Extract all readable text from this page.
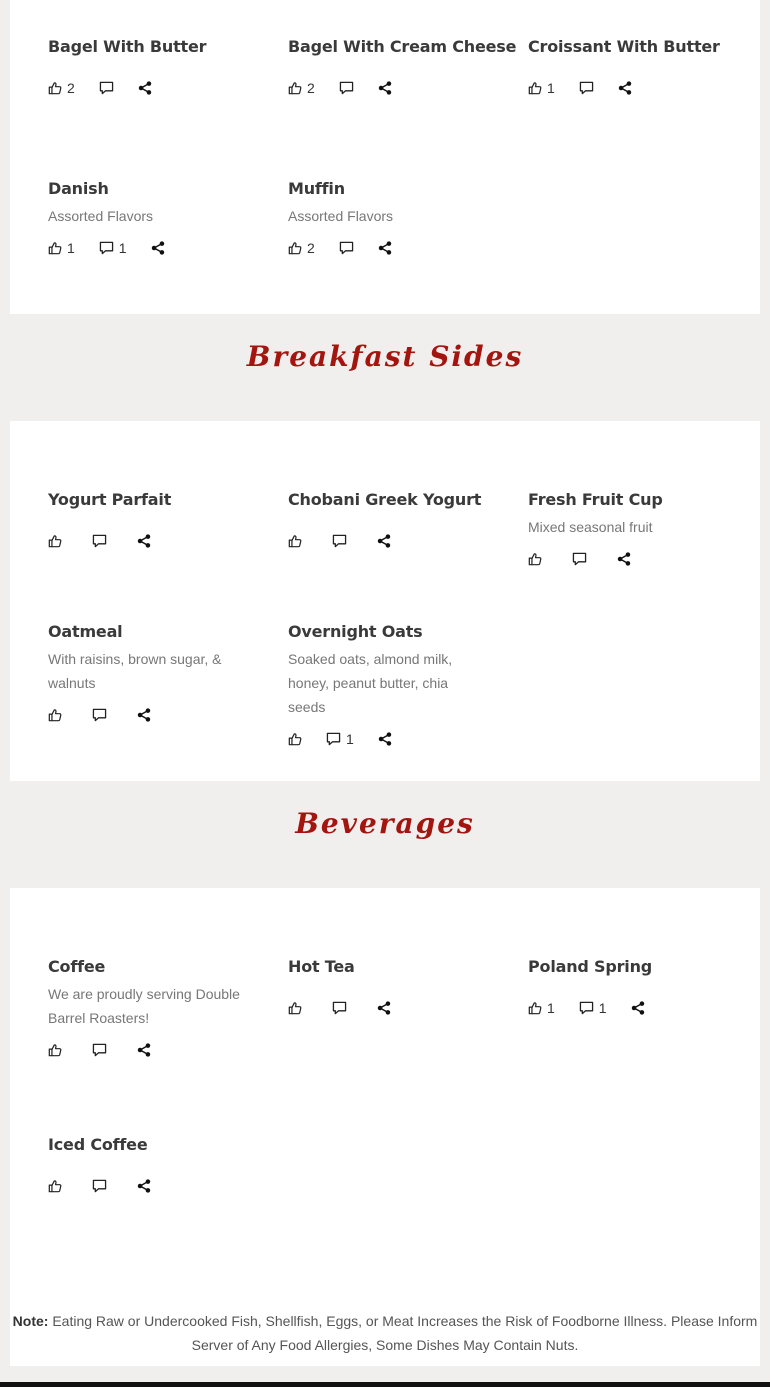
Breakfast Sides
Beverages
Bagel With Butter
2
Bagel With Cream Cheese
2
Croissant With Butter
1
Danish
Assorted Flavors
1	1
Muffin
Assorted Flavors
2
Yogurt Parfait	Chobani Greek Yogurt	Fresh Fruit Cup
Mixed seasonal fruit
Oatmeal
With raisins, brown sugar, & walnuts
Overnight Oats
Soaked oats, almond milk, honey, peanut butter, chia seeds
1
Coffee
We are proudly serving Double Barrel Roasters!
Hot Tea	Poland Spring
1	1
Iced Coffee
Note: Eating Raw or Undercooked Fish, Shellfish, Eggs, or Meat Increases the Risk of Foodborne Illness. Please Inform Server of Any Food Allergies, Some Dishes May Contain Nuts.
